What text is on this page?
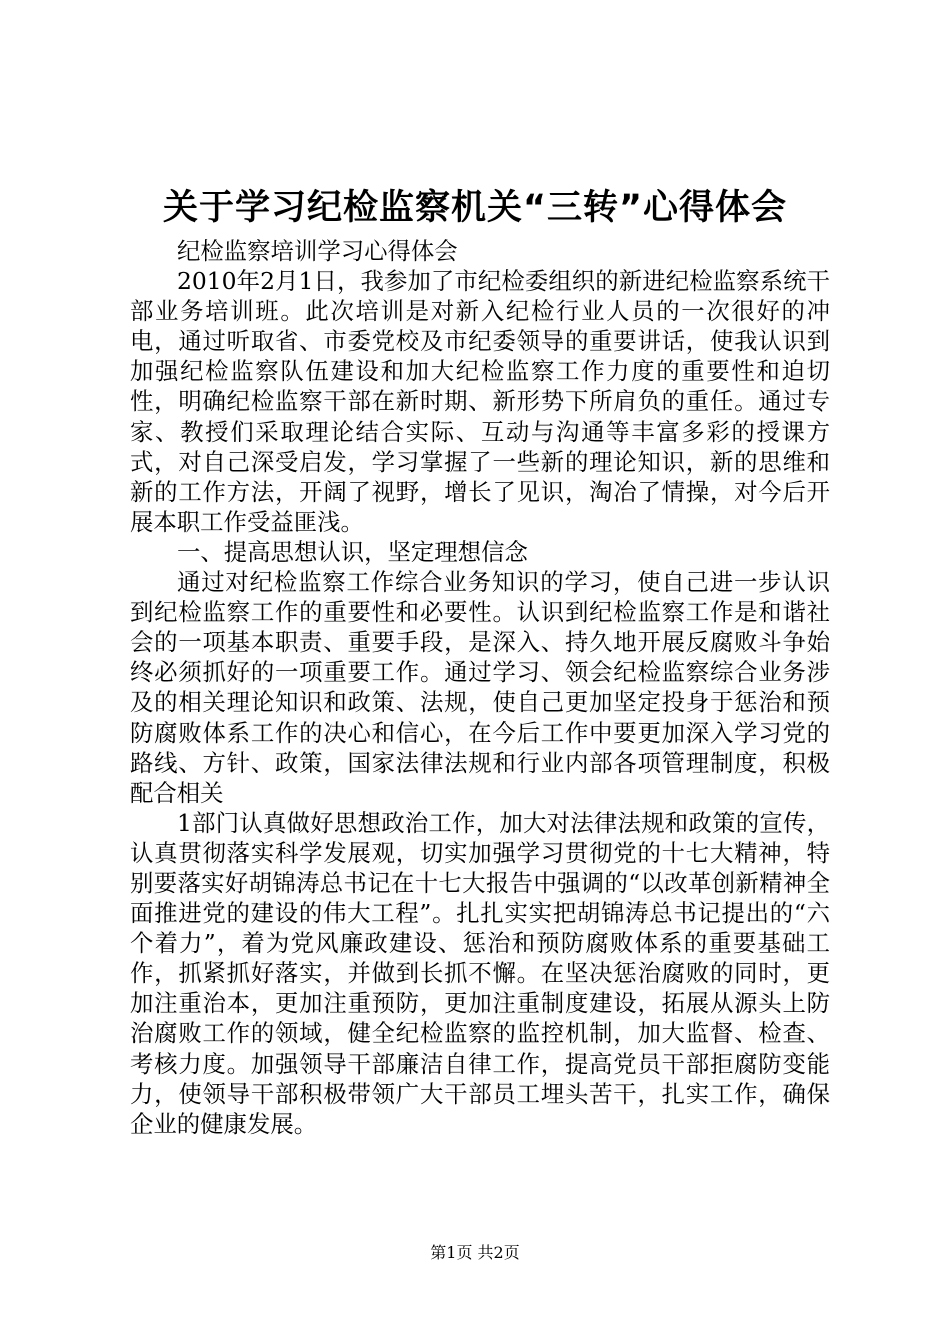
关于学习纪检监察机关“三转”心得体会

纪检监察培训学习心得体会

2010年2月1日，我参加了市纪检委组织的新进纪检监察系统干部业务培训班。此次培训是对新入纪检行业人员的一次很好的冲电，通过听取省、市委党校及市纪委领导的重要讲话，使我认识到加强纪检监察队伍建设和加大纪检监察工作力度的重要性和迫切性，明确纪检监察干部在新时期、新形势下所肩负的重任。通过专家、教授们采取理论结合实际、互动与沟通等丰富多彩的授课方式，对自己深受启发，学习掌握了一些新的理论知识，新的思维和新的工作方法，开阔了视野，增长了见识，淘冶了情操，对今后开展本职工作受益匪浅。

一、提高思想认识，坚定理想信念

通过对纪检监察工作综合业务知识的学习，使自己进一步认识到纪检监察工作的重要性和必要性。认识到纪检监察工作是和谐社会的一项基本职责、重要手段，是深入、持久地开展反腐败斗争始终必须抓好的一项重要工作。通过学习、领会纪检监察综合业务涉及的相关理论知识和政策、法规，使自己更加坚定投身于惩治和预防腐败体系工作的决心和信心，在今后工作中要更加深入学习党的路线、方针、政策，国家法律法规和行业内部各项管理制度，积极配合相关

1部门认真做好思想政治工作，加大对法律法规和政策的宣传，认真贯彻落实科学发展观，切实加强学习贯彻党的十七大精神，特别要落实好胡锦涛总书记在十七大报告中强调的“以改革创新精神全面推进党的建设的伟大工程”。扎扎实实把胡锦涛总书记提出的“六个着力”，着为党风廉政建设、惩治和预防腐败体系的重要基础工作，抓紧抓好落实，并做到长抓不懈。在坚决惩治腐败的同时，更加注重治本，更加注重预防，更加注重制度建设，拓展从源头上防治腐败工作的领域，健全纪检监察的监控机制，加大监督、检查、考核力度。加强领导干部廉洁自律工作，提高党员干部拒腐防变能力，使领导干部积极带领广大干部员工埋头苦干，扎实工作，确保企业的健康发展。

第1页 共2页
